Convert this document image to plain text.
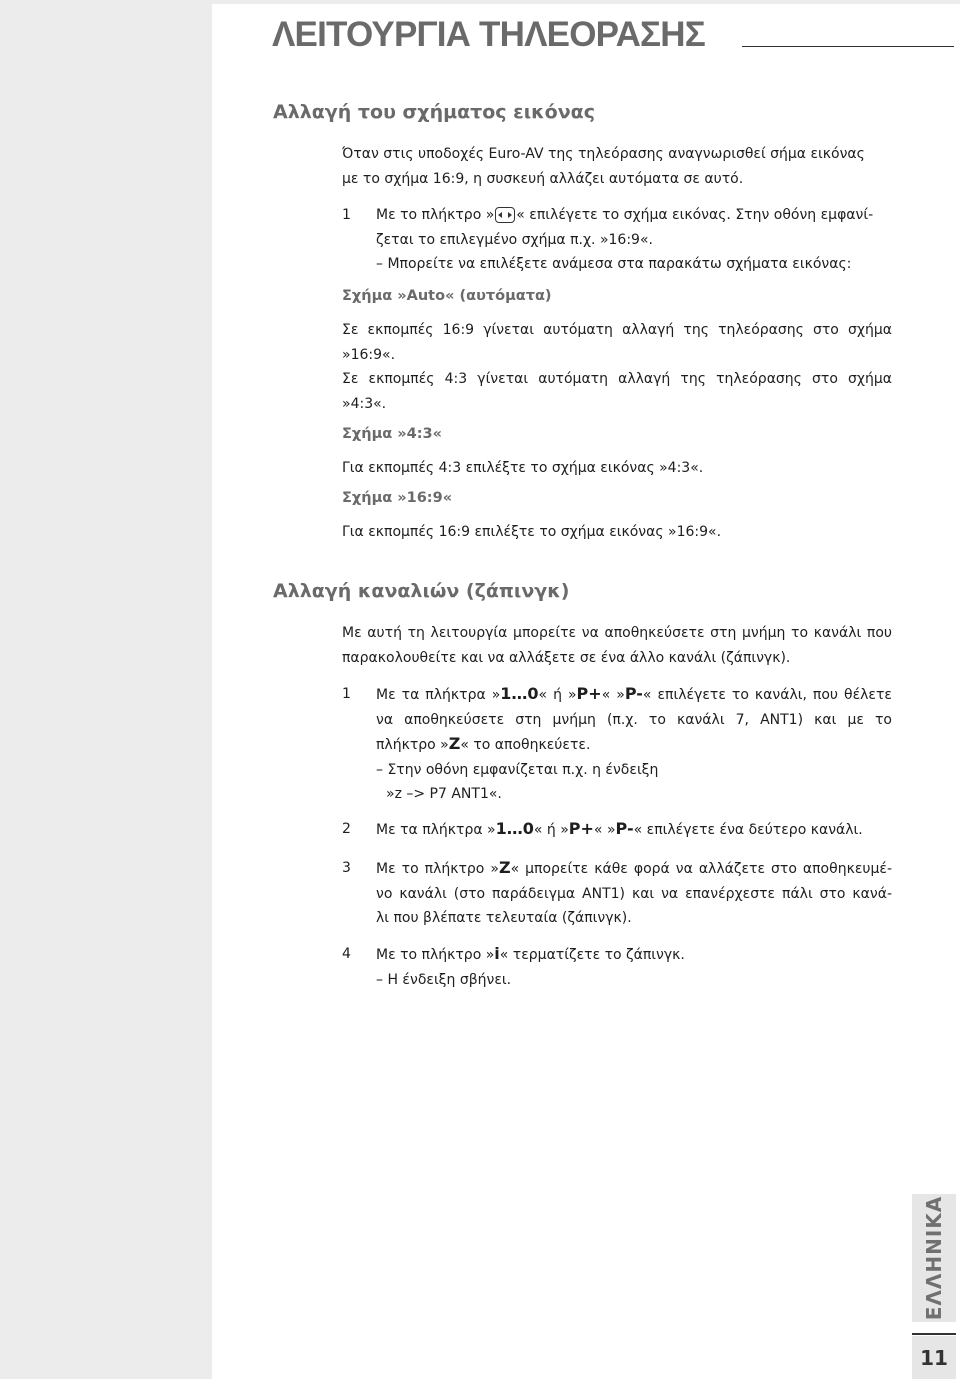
ΛΕΙΤΟΥΡΓΙΑ ΤΗΛΕΟΡΑΣΗΣ
Αλλαγή του σχήματος εικόνας
Όταν στις υποδοχές Euro-AV της τηλεόρασης αναγνωρισθεί σήμα εικόνας
με το σχήμα 16:9, η συσκευή αλλάζει αυτόματα σε αυτό.
1 Με το πλήκτρο » « επιλέγετε το σχήμα εικόνας. Στην οθόνη εμφανί-
ζεται το επιλεγμένο σχήμα π.χ. »16:9«.
– Μπορείτε να επιλέξετε ανάμεσα στα παρακάτω σχήματα εικόνας:
Σχήμα »Auto« (αυτόματα)
Σε εκπομπές 16:9 γίνεται αυτόματη αλλαγή της τηλεόρασης στο σχήμα
»16:9«.
Σε εκπομπές 4:3 γίνεται αυτόματη αλλαγή της τηλεόρασης στο σχήμα
»4:3«.
Σχήμα »4:3«
Για εκπομπές 4:3 επιλέξτε το σχήμα εικόνας »4:3«.
Σχήμα »16:9«
Για εκπομπές 16:9 επιλέξτε το σχήμα εικόνας »16:9«.
Αλλαγή καναλιών (ζάπινγκ)
Με αυτή τη λειτουργία μπορείτε να αποθηκεύσετε στη μνήμη το κανάλι που
παρακολουθείτε και να αλλάξετε σε ένα άλλο κανάλι (ζάπινγκ).
1 Με τα πλήκτρα »1…0« ή »P+« »P-« επιλέγετε το κανάλι, που θέλετε
να αποθηκεύσετε στη μνήμη (π.χ. το κανάλι 7, ΑΝΤ1) και με το
πλήκτρο »Z« το αποθηκεύετε.
– Στην οθόνη εμφανίζεται π.χ. η ένδειξη
»z –> P7 ANT1«.
2 Με τα πλήκτρα »1…0« ή »P+« »P-« επιλέγετε ένα δεύτερο κανάλι.
3 Με το πλήκτρο »Z« μπορείτε κάθε φορά να αλλάζετε στο αποθηκευμέ-
νο κανάλι (στο παράδειγμα ΑΝΤ1) και να επανέρχεστε πάλι στο κανά-
λι που βλέπατε τελευταία (ζάπινγκ).
4 Με το πλήκτρο »i« τερματίζετε το ζάπινγκ.
– Η ένδειξη σβήνει.
ΕΛΛΗΝΙΚΑ
11
